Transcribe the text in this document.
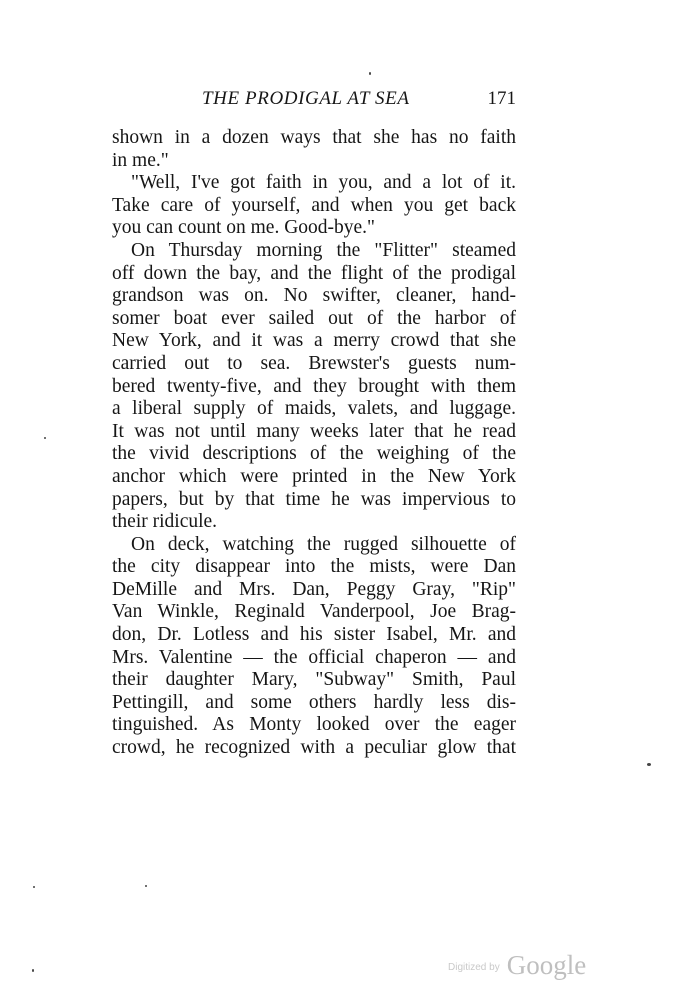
THE PRODIGAL AT SEA	171
shown in a dozen ways that she has no faith
in me."
"Well, I've got faith in you, and a lot of it.
Take care of yourself, and when you get back
you can count on me. Good-bye."
On Thursday morning the "Flitter" steamed
off down the bay, and the flight of the prodigal
grandson was on. No swifter, cleaner, hand-
somer boat ever sailed out of the harbor of
New York, and it was a merry crowd that she
carried out to sea. Brewster's guests num-
bered twenty-five, and they brought with them
a liberal supply of maids, valets, and luggage.
It was not until many weeks later that he read
the vivid descriptions of the weighing of the
anchor which were printed in the New York
papers, but by that time he was impervious to
their ridicule.
On deck, watching the rugged silhouette of
the city disappear into the mists, were Dan
DeMille and Mrs. Dan, Peggy Gray, "Rip"
Van Winkle, Reginald Vanderpool, Joe Brag-
don, Dr. Lotless and his sister Isabel, Mr. and
Mrs. Valentine — the official chaperon — and
their daughter Mary, "Subway" Smith, Paul
Pettingill, and some others hardly less dis-
tinguished. As Monty looked over the eager
crowd, he recognized with a peculiar glow that
$^{Digitized by}$ Google
